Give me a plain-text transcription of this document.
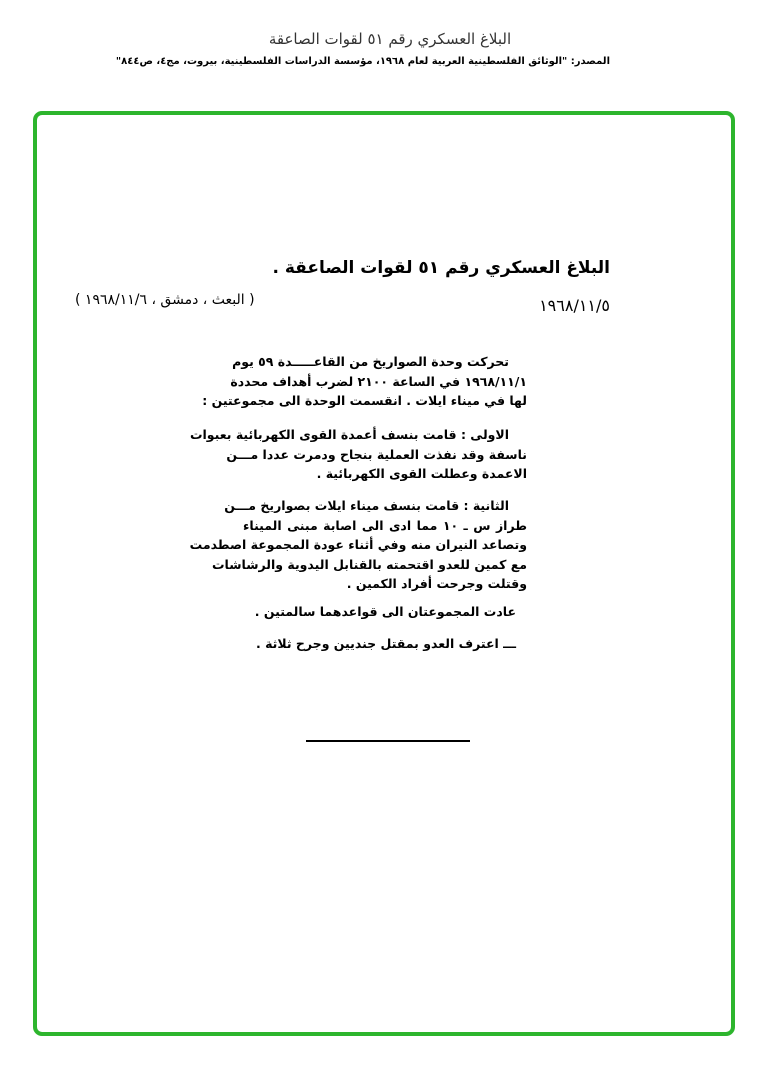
البلاغ العسكري رقم ٥١ لقوات الصاعقة
المصدر: "الوثائق الفلسطينية العربية لعام ١٩٦٨، مؤسسة الدراسات الفلسطينية، بيروت، مج٤، ص٨٤٤"
البلاغ العسكري رقم ٥١ لقوات الصاعقة .
١٩٦٨/١١/٥
( البعث ، دمشق ، ١٩٦٨/١١/٦ )
تحركت وحدة الصواريخ من القاعـــــدة ٥٩ يوم
١٩٦٨/١١/١ في الساعة ٢١٠٠ لضرب أهداف محددة
لها في ميناء ايلات . انقسمت الوحدة الى مجموعتين :
الاولى : قامت بنسف أعمدة القوى الكهربائية بعبوات
ناسفة وقد نفذت العملية بنجاح ودمرت عددا مـــن
الاعمدة وعطلت القوى الكهربائية .
الثانية : قامت بنسف ميناء ايلات بصواريخ مـــن
طراز س ـ ١٠ مما ادى الى اصابة مبنى الميناء
وتصاعد النيران منه وفي أثناء عودة المجموعة اصطدمت
مع كمين للعدو اقتحمته بالقنابل اليدوية والرشاشات
وقتلت وجرحت أفراد الكمين .
عادت المجموعتان الى قواعدهما سالمتين .
ـــ اعترف العدو بمقتل جنديين وجرح ثلاثة .
